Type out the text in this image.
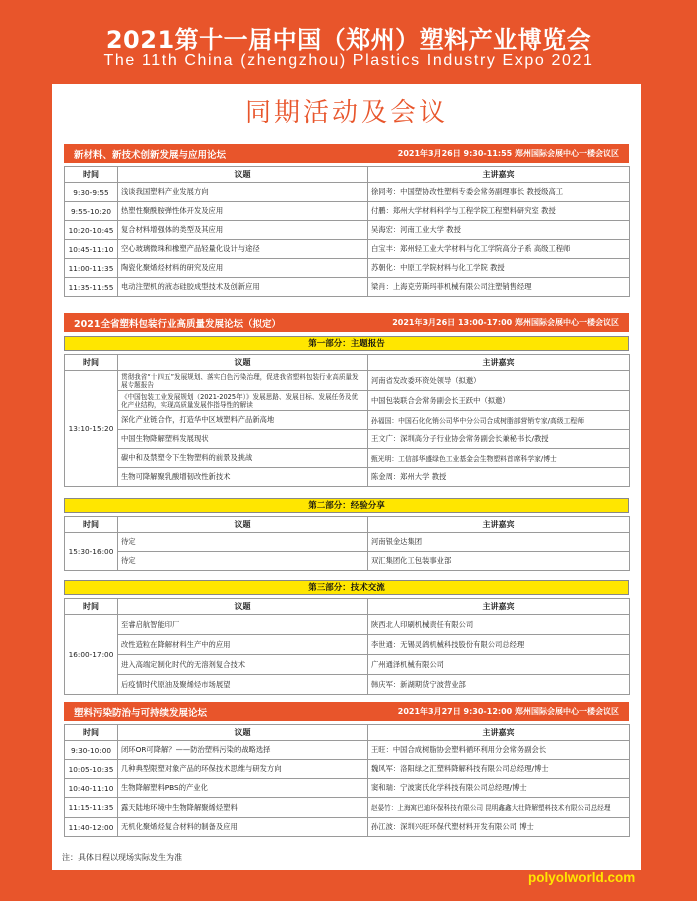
2021第十一届中国（郑州）塑料产业博览会
The 11th China (zhengzhou) Plastics Industry Expo 2021
同期活动及会议
新材料、新技术创新发展与应用论坛	2021年3月26日 9:30-11:55 郑州国际会展中心一楼会议区
时间	议题	主讲嘉宾
9:30-9:55	浅谈我国塑料产业发展方向	徐同考：中国塑协改性塑料专委会常务副理事长 教授级高工
9:55-10:20	热塑性聚酰胺弹性体开发及应用	付鹏：郑州大学材料科学与工程学院工程塑料研究室 教授
10:20-10:45	复合材料增强体的类型及其应用	吴海宏：河南工业大学 教授
10:45-11:10	空心玻璃微珠和橡塑产品轻量化设计与途径	白宝丰：郑州轻工业大学材料与化工学院高分子系 高级工程师
11:00-11:35	陶瓷化聚烯烃材料的研究及应用	苏朝化：中原工学院材料与化工学院 教授
11:35-11:55	电动注塑机的液态硅胶成型技术及创新应用	梁肖：上海克劳斯玛菲机械有限公司注塑销售经理
2021全省塑料包装行业高质量发展论坛（拟定）	2021年3月26日 13:00-17:00 郑州国际会展中心一楼会议区
第一部分：主题报告
时间	议题	主讲嘉宾
13:10-15:20	贯彻我省“十四五”发展规划、落实白色污染治理，促进我省塑料包装行业高质量发展专题报告	河南省发改委环资处领导（拟邀）
	《中国包装工业发展规划（2021-2025年）》发展思路、发展目标、发展任务及优化产业结构，实现高质量发展作指导性的解读	中国包装联合会常务副会长王跃中（拟邀）
	深化产业链合作，打造华中区域塑料产品新高地	孙福国：中国石化化销公司华中分公司合成树脂部营销专家/高级工程师
	中国生物降解塑料发展现状	王文广：深圳高分子行业协会常务副会长兼秘书长/教授
	碳中和及禁塑令下生物塑料的前景及挑战	甄光明：工信部华盛绿色工业基金会生物塑料首席科学家/博士
	生物可降解聚乳酸增韧改性新技术	陈金周：郑州大学 教授
第二部分：经验分享
时间	议题	主讲嘉宾
15:30-16:00	待定	河南银金达集团
	待定	双汇集团化工包装事业部
第三部分：技术交流
时间	议题	主讲嘉宾
16:00-17:00	至睿启航智能印厂	陕西北人印刷机械责任有限公司
	改性造粒在降解材料生产中的应用	李世通：无锡灵鸽机械科技股份有限公司总经理
	进入高端定制化时代的无溶剂复合技术	广州通泽机械有限公司
	后疫情时代原油及聚烯烃市场展望	韩庆军：新湖期货宁波营业部
塑料污染防治与可持续发展论坛	2021年3月27日 9:30-12:00 郑州国际会展中心一楼会议区
时间	议题	主讲嘉宾
9:30-10:00	闭环OR可降解？——防治塑料污染的战略选择	王旺：中国合成树脂协会塑料循环利用分会常务副会长
10:05-10:35	几种典型限塑对象产品的环保技术思维与研发方向	魏风军：洛阳绿之汇塑料降解科技有限公司总经理/博士
10:40-11:10	生物降解塑料PBS的产业化	窦和瑞：宁波窦氏化学科技有限公司总经理/博士
11:15-11:35	露天陆地环境中生物降解聚烯烃塑料	赵晏竹：上海寓巴迪环保科技有限公司 昆明鑫鑫大壮降解塑料技术有限公司总经理
11:40-12:00	无机化聚烯烃复合材料的制备及应用	孙江波：深圳兴旺环保代塑材料开发有限公司 博士
注：具体日程以现场实际发生为准
polyolworld.com
